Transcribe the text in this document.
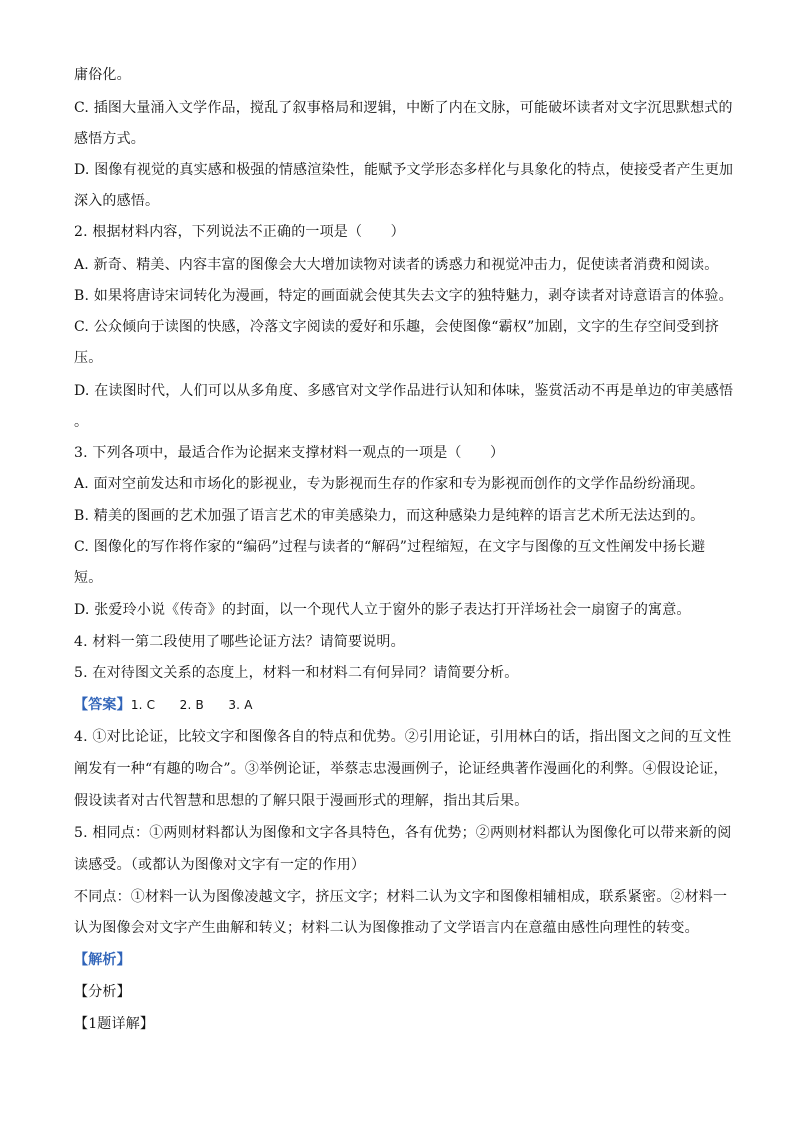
庸俗化。
C. 插图大量涌入文学作品，搅乱了叙事格局和逻辑，中断了内在文脉，可能破坏读者对文字沉思默想式的
感悟方式。
D. 图像有视觉的真实感和极强的情感渲染性，能赋予文学形态多样化与具象化的特点，使接受者产生更加
深入的感悟。
2. 根据材料内容，下列说法不正确的一项是（　　）
A. 新奇、精美、内容丰富的图像会大大增加读物对读者的诱惑力和视觉冲击力，促使读者消费和阅读。
B. 如果将唐诗宋词转化为漫画，特定的画面就会使其失去文字的独特魅力，剥夺读者对诗意语言的体验。
C. 公众倾向于读图的快感，冷落文字阅读的爱好和乐趣，会使图像“霸权”加剧，文字的生存空间受到挤
压。
D. 在读图时代，人们可以从多角度、多感官对文学作品进行认知和体味，鉴赏活动不再是单边的审美感悟
。
3. 下列各项中，最适合作为论据来支撑材料一观点的一项是（　　）
A. 面对空前发达和市场化的影视业，专为影视而生存的作家和专为影视而创作的文学作品纷纷涌现。
B. 精美的图画的艺术加强了语言艺术的审美感染力，而这种感染力是纯粹的语言艺术所无法达到的。
C. 图像化的写作将作家的“编码”过程与读者的“解码”过程缩短，在文字与图像的互文性阐发中扬长避
短。
D. 张爱玲小说《传奇》的封面，以一个现代人立于窗外的影子表达打开洋场社会一扇窗子的寓意。
4. 材料一第二段使用了哪些论证方法？请简要说明。
5. 在对待图文关系的态度上，材料一和材料二有何异同？请简要分析。
【答案】1. C　　2. B　　3. A
4. ①对比论证，比较文字和图像各自的特点和优势。②引用论证，引用林白的话，指出图文之间的互文性
阐发有一种“有趣的吻合”。③举例论证，举蔡志忠漫画例子，论证经典著作漫画化的利弊。④假设论证，
假设读者对古代智慧和思想的了解只限于漫画形式的理解，指出其后果。
5. 相同点：①两则材料都认为图像和文字各具特色，各有优势；②两则材料都认为图像化可以带来新的阅
读感受。（或都认为图像对文字有一定的作用）
不同点：①材料一认为图像凌越文字，挤压文字；材料二认为文字和图像相辅相成，联系紧密。②材料一
认为图像会对文字产生曲解和转义；材料二认为图像推动了文学语言内在意蕴由感性向理性的转变。
【解析】
【分析】
【1题详解】
